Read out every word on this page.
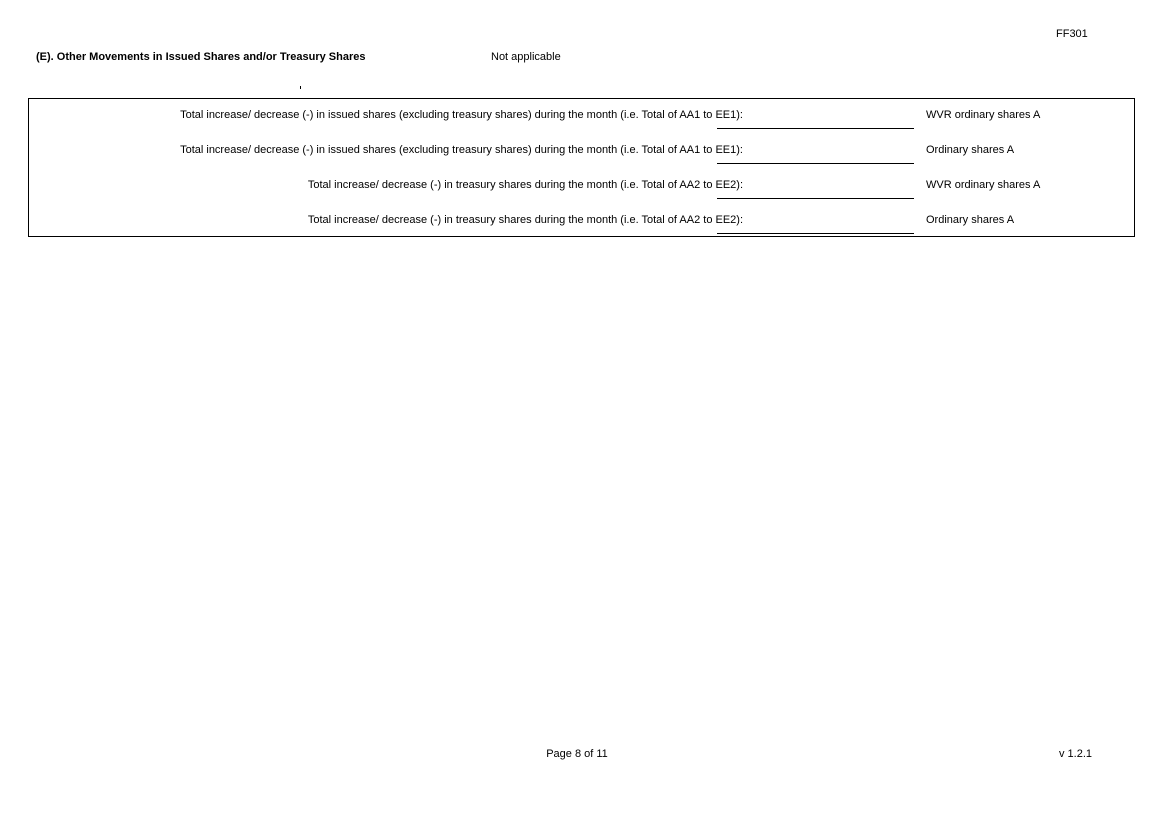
FF301
(E). Other Movements in Issued Shares and/or Treasury Shares	Not applicable
Total increase/ decrease (-) in issued shares (excluding treasury shares) during the month (i.e. Total of AA1 to EE1):	WVR ordinary shares A
Total increase/ decrease (-) in issued shares (excluding treasury shares) during the month (i.e. Total of AA1 to EE1):	Ordinary shares A
Total increase/ decrease (-) in treasury shares during the month (i.e. Total of AA2 to EE2):	WVR ordinary shares A
Total increase/ decrease (-) in treasury shares during the month (i.e. Total of AA2 to EE2):	Ordinary shares A
Page 8 of 11	v 1.2.1
